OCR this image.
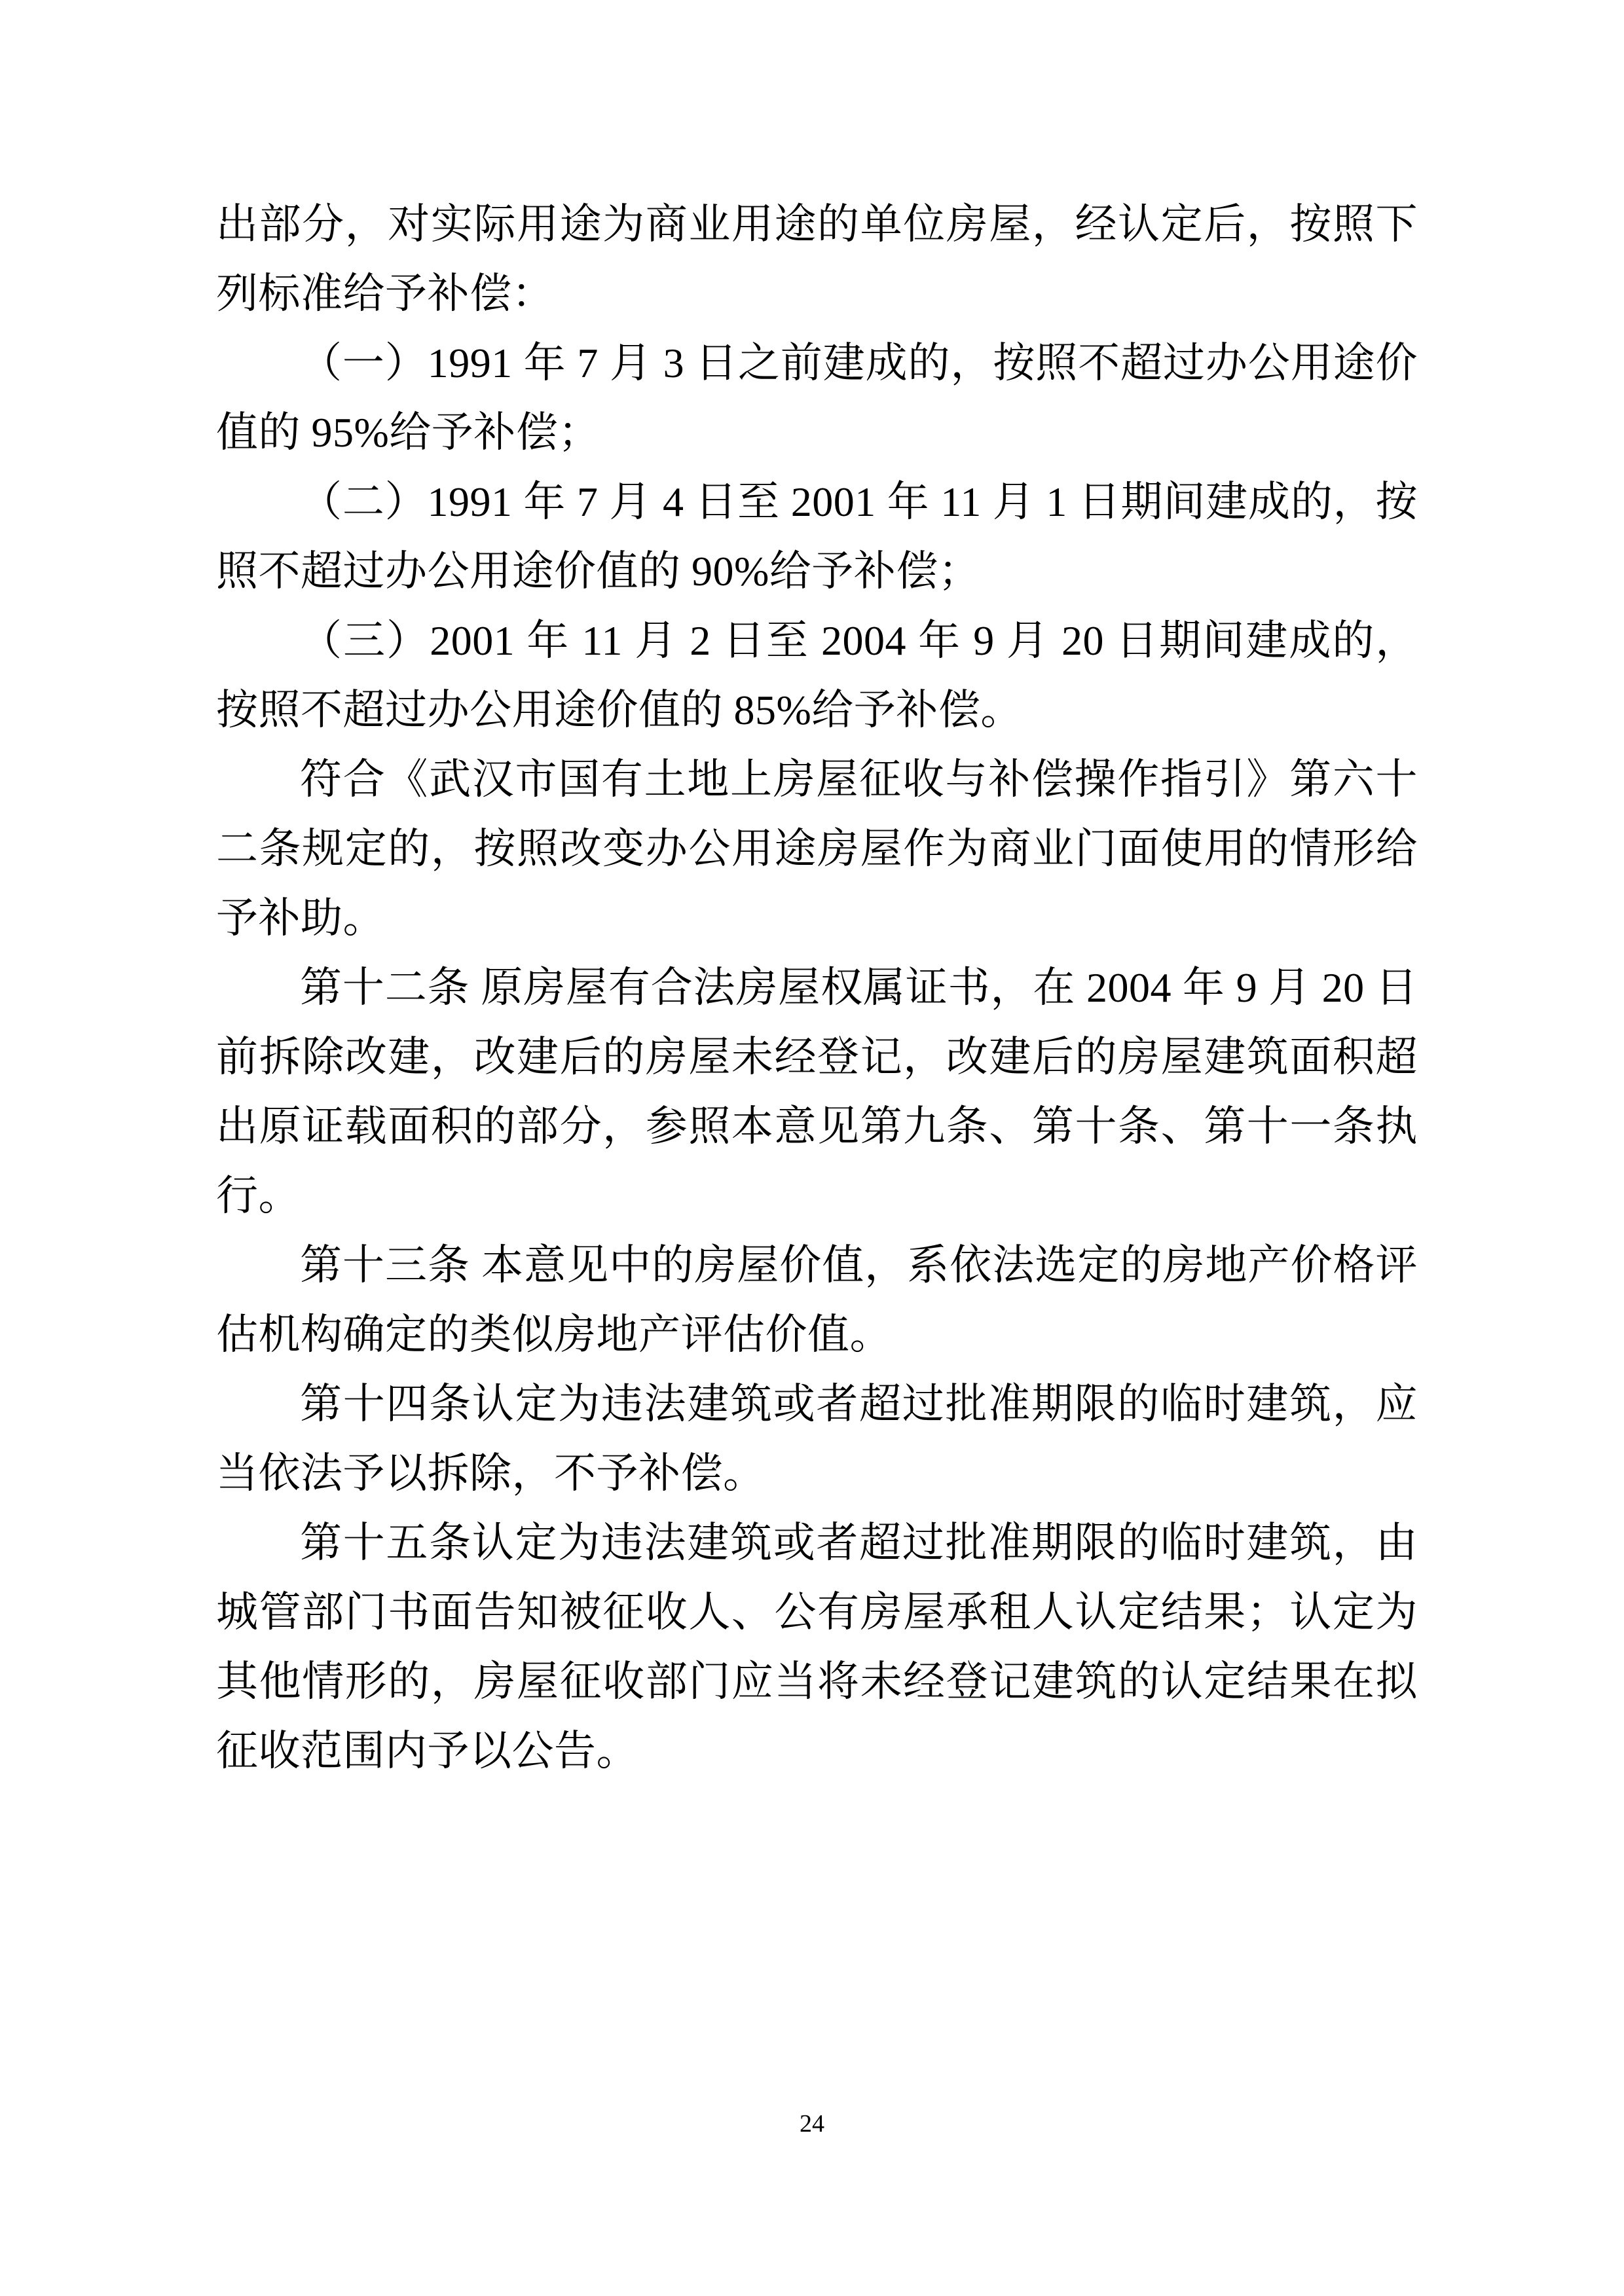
出部分，对实际用途为商业用途的单位房屋，经认定后，按照下列标准给予补偿：

（一）1991 年 7 月 3 日之前建成的，按照不超过办公用途价值的 95%给予补偿；

（二）1991 年 7 月 4 日至 2001 年 11 月 1 日期间建成的，按照不超过办公用途价值的 90%给予补偿；

（三）2001 年 11 月 2 日至 2004 年 9 月 20 日期间建成的，按照不超过办公用途价值的 85%给予补偿。

符合《武汉市国有土地上房屋征收与补偿操作指引》第六十二条规定的，按照改变办公用途房屋作为商业门面使用的情形给予补助。

第十二条 原房屋有合法房屋权属证书，在 2004 年 9 月 20 日前拆除改建，改建后的房屋未经登记，改建后的房屋建筑面积超出原证载面积的部分，参照本意见第九条、第十条、第十一条执行。

第十三条 本意见中的房屋价值，系依法选定的房地产价格评估机构确定的类似房地产评估价值。

第十四条认定为违法建筑或者超过批准期限的临时建筑，应当依法予以拆除，不予补偿。

第十五条认定为违法建筑或者超过批准期限的临时建筑，由城管部门书面告知被征收人、公有房屋承租人认定结果；认定为其他情形的，房屋征收部门应当将未经登记建筑的认定结果在拟征收范围内予以公告。

24
